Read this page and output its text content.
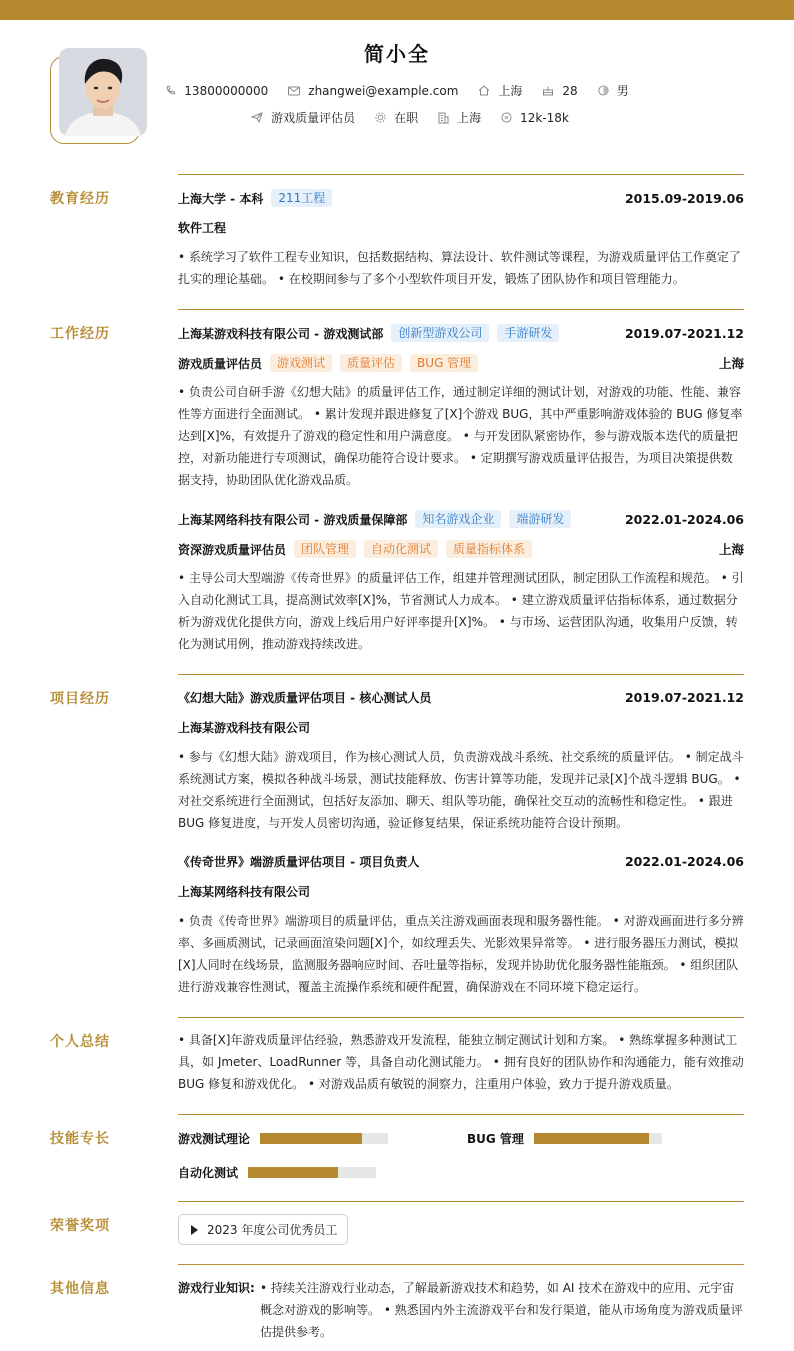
简小全
13800000000	zhangwei@example.com	上海	28	男
游戏质量评估员	在职	上海	12k-18k
教育经历	上海大学 - 本科	211工程	2015.09-2019.06
软件工程
• 系统学习了软件工程专业知识，包括数据结构、算法设计、软件测试等课程，为游戏质量评估工作奠定了扎实的理论基础。 • 在校期间参与了多个小型软件项目开发，锻炼了团队协作和项目管理能力。
工作经历	上海某游戏科技有限公司 - 游戏测试部	创新型游戏公司	手游研发	2019.07-2021.12
游戏质量评估员	游戏测试	质量评估	BUG 管理	上海
• 负责公司自研手游《幻想大陆》的质量评估工作，通过制定详细的测试计划，对游戏的功能、性能、兼容性等方面进行全面测试。 • 累计发现并跟进修复了[X]个游戏 BUG，其中严重影响游戏体验的 BUG 修复率达到[X]%，有效提升了游戏的稳定性和用户满意度。 • 与开发团队紧密协作，参与游戏版本迭代的质量把控，对新功能进行专项测试，确保功能符合设计要求。 • 定期撰写游戏质量评估报告，为项目决策提供数据支持，协助团队优化游戏品质。
上海某网络科技有限公司 - 游戏质量保障部	知名游戏企业	端游研发	2022.01-2024.06
资深游戏质量评估员	团队管理	自动化测试	质量指标体系	上海
• 主导公司大型端游《传奇世界》的质量评估工作，组建并管理测试团队，制定团队工作流程和规范。 • 引入自动化测试工具，提高测试效率[X]%，节省测试人力成本。 • 建立游戏质量评估指标体系，通过数据分析为游戏优化提供方向，游戏上线后用户好评率提升[X]%。 • 与市场、运营团队沟通，收集用户反馈，转化为测试用例，推动游戏持续改进。
项目经历	《幻想大陆》游戏质量评估项目 - 核心测试人员	2019.07-2021.12
上海某游戏科技有限公司
• 参与《幻想大陆》游戏项目，作为核心测试人员，负责游戏战斗系统、社交系统的质量评估。 • 制定战斗系统测试方案，模拟各种战斗场景，测试技能释放、伤害计算等功能，发现并记录[X]个战斗逻辑 BUG。 • 对社交系统进行全面测试，包括好友添加、聊天、组队等功能，确保社交互动的流畅性和稳定性。 • 跟进 BUG 修复进度，与开发人员密切沟通，验证修复结果，保证系统功能符合设计预期。
《传奇世界》端游质量评估项目 - 项目负责人	2022.01-2024.06
上海某网络科技有限公司
• 负责《传奇世界》端游项目的质量评估，重点关注游戏画面表现和服务器性能。 • 对游戏画面进行多分辨率、多画质测试，记录画面渲染问题[X]个，如纹理丢失、光影效果异常等。 • 进行服务器压力测试，模拟[X]人同时在线场景，监测服务器响应时间、吞吐量等指标，发现并协助优化服务器性能瓶颈。 • 组织团队进行游戏兼容性测试，覆盖主流操作系统和硬件配置，确保游戏在不同环境下稳定运行。
个人总结	• 具备[X]年游戏质量评估经验，熟悉游戏开发流程，能独立制定测试计划和方案。 • 熟练掌握多种测试工具，如 Jmeter、LoadRunner 等，具备自动化测试能力。 • 拥有良好的团队协作和沟通能力，能有效推动 BUG 修复和游戏优化。 • 对游戏品质有敏锐的洞察力，注重用户体验，致力于提升游戏质量。
技能专长	游戏测试理论	BUG 管理
自动化测试
荣誉奖项	2023 年度公司优秀员工
其他信息	游戏行业知识: • 持续关注游戏行业动态，了解最新游戏技术和趋势，如 AI 技术在游戏中的应用、元宇宙概念对游戏的影响等。 • 熟悉国内外主流游戏平台和发行渠道，能从市场角度为游戏质量评估提供参考。
